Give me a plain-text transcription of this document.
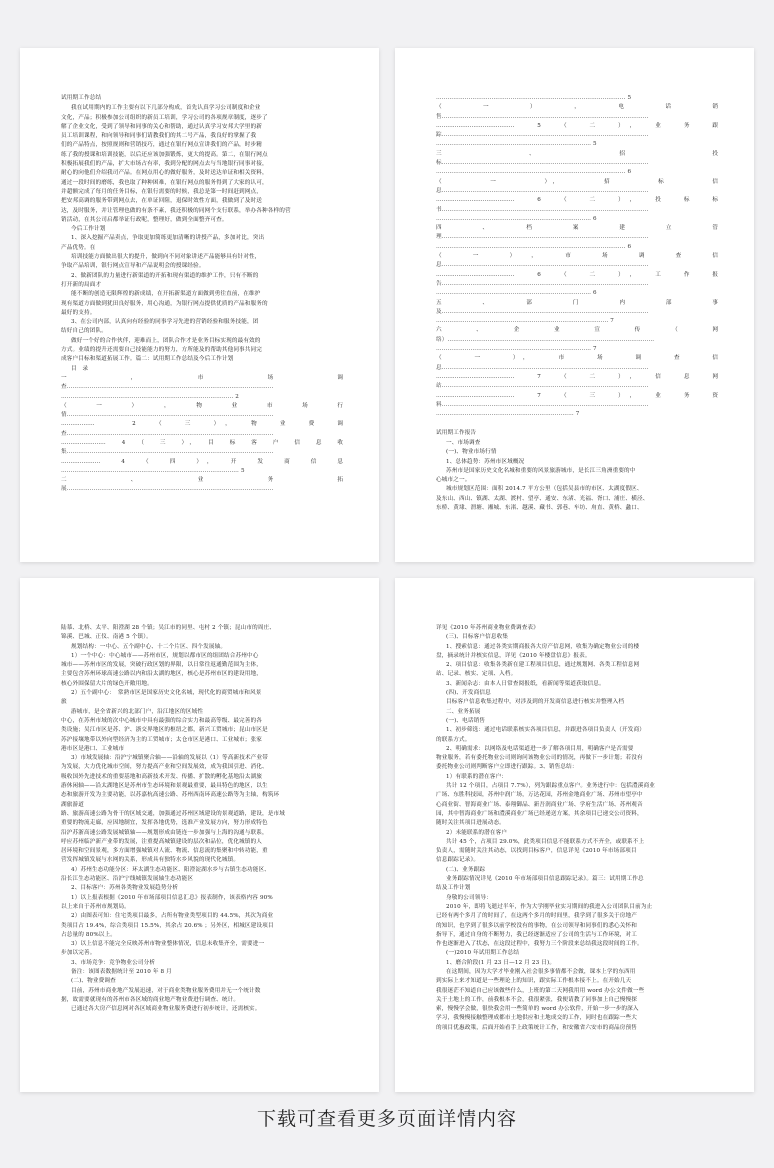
试用期工作总结
我在试用期内的工作主要有以下几部分构成，首先认真学习公司制度和企业
文化，产品；积极参加公司组织的新员工培训，学习公司的各项规章制度，逐步了
解了企业文化，受到了领导和同事的关心和帮助，通过认真学习安邦大学里的新
员工培训课程，和向领导和同事们请教我们的其二号产品，我良好的掌握了我
们的产品特点，按照规则和营销技巧，通过在银行网点宣讲我们的产品，时步精
练了我的授课和培训技能，以后还应该加强锻炼，更大的提高。第二，在银行网点
积极拓展我们的产品，扩大市场占有率，我到分配的网点去与当地银行同事对接，
耐心的向他们介绍我司产品。在网点用心的做好服务，及时送达单证和相关资料，
通过一段时间的磨练，我也取了种种困难，在银行网点的服务得到了大家的认可，
并超额完成了每月的任务目标，在银行需要的时候，我总是第一时间赶到网点，
把安邦高调的服务带到网点去，在单证回阻，退保时效性方面，我做到了及时送
达，及时服务，并让管理也做的有条不紊，我还积极的同网个支行联系，举办各种各样的营
销活动，在其公司启都举证行政呢，整理好，做到全面整齐可查。
今后工作计划
1、深入挖掘产品卖点，争取更加简练更加清晰的讲授产品，多加对比，突出
产品优势。在
培训技能方面做出很大的提升，做到向不同对象讲述产品能够具有针对性，
争取产品培训，银行网点宣导和产品说明会的授课经验。
2、做新团队的力量进行新渠道的开拓和现有渠道的维护工作，只有不断的
打开新的局面才
能不断的创造无限辉煌的新成绩，在开拓新渠道方面做到勇往直前，在维护
现有渠道方面做到犹田良好服务，用心沟通，为银行网点提供优质的产品和服务的
最好的支持。
3、在公司内部，认真向有经验的同事学习先进的营销经验和服务技能，团
结好自己的团队。
做好一个好的合作伙伴，迎难而上，团队合作才是业务目标实现的最有效的
方式。业绩的提升还需要自己技能能力的努力，方所能及的帮助其他同事共同完
成客户目标和渠道拓展工作。篇二：试用期工作总结及今后工作计划
目　录
一　　　　　　　　，　　　　　　　　市　　　　　　　　场　　　　　　　　调
查………………………………………………………………………………………………
……………………………………………………………………………… 2
（　　一　　）　　，　　物　　业　　市　　场　　行
情………………………………………………………………………………………………
………………　　2　（　三　），　物　业　费　调
查………………………………………………………………………………………………
……………………　4　（　三　），　目　标　客　户　信　息　收
集………………………………………………………………………………………………
…………………　4　（　四　），　开　发　商　信　息
………………………………………………………………………………… 5
二　　　　　　　　、　　　　　　　　业　　　　　　　　务　　　　　　　　拓
展………………………………………………………………………………………………
……………………………………………………………………………………… 5
（　　　　一　　　　）　　　　，　　　　电　　　　话　　　　销
售………………………………………………………………………………………………
……………………………………　5　（　二　），　业　务　跟
踪………………………………………………………………………………………………
……………………………………………………………………… 5
三　　　　　　　　、　　　　　　　　招　　　　　　　　投
标………………………………………………………………………………………………
……………………………………………………………………………………… 6
（　　　　一　　　　），　　　　招　　　　标　　　　信
息………………………………………………………………………………………………
……………………………………　6　（　二　），　投　标　标
书………………………………………………………………………………………………
……………………………………………………………………… 6
四　　　　、　　　　档　　　　案　　　　建　　　　立　　　　管
理………………………………………………………………………………………………
……………………………………………………………………………………… 6
（　　一　　）　，　　市　　场　　调　　查　　信
息………………………………………………………………………………………………
……………………………………　6　（　二　），　工　作　报
告………………………………………………………………………………………………
……………………………………………………………………… 6
五　　　　、　　　　部　　　　门　　　　内　　　　部　　　　事
及………………………………………………………………………………………………
……………………………………………………………………………… 7
六　　　　、　　　　企　　　　业　　　　宣　　　　传　　　　（　　　　网
络）………………………………………………………………………………………………
……………………………………………………………………… 7
（　　一　　），　　市　　场　　调　　查　　信
息………………………………………………………………………………………………
……………………………………　7　（　二　），　信　息　网
站………………………………………………………………………………………………
……………………………………　7　（　三　），　业　务　资
料………………………………………………………………………………………………
……………………………………………………………… 7

试用期工作报告
一、市场调查
(一)、物业市场行情
1、总体趋势：苏州市区域概况
苏州市是国家历史文化名城和重要的风景旅游城市，是长江三角洲重要的中
心城市之一。
城市规划区范围：面积 2014.7 平方公里（包括吴县市的市区、太湖度假区、
及东山、西山、镇湖、太湖、渡村、望亭、通安、东渚、光福、胥口、浦庄、横泾、
东桥、黄埭、渭塘、湘城、东渚、越溪、藏书、郭巷、车坊、甪直、黄桥、蠡口、
陆慕、北桥、太平、阳澄湖 28 个镇；吴江市的同里、屯村 2 个镇；昆山市的周庄、
锦溪、巴城、正仪、南港 5 个镇）。
规划结构：一中心、五个副中心、十二个片区、四个发展轴。
1）一个中心：中心城市——苏州市区，规划以都市区的组团结合苏州中心
城市——苏州市区的发展，突破行政区划的界限，以日常往返通勤范围为主体，
主要包含苏州环球高速公路以内和沿太湖的地区，核心是苏州市区的建设用地，
核心外围保留大片的绿色开敞用地。
2）五个副中心：　常熟市区是国家历史文化名城，现代化的商贸城市和风景
旅
游城市，是全省新兴的北部门户，沿江地区的区域性
中心，在苏州市域的次中心城市中具有最强的综合实力和最高等级、最完善的各
类设施；吴江市区是苏、沪、浙交界地区的枢纽之都，新兴工贸城市；昆山市区是
苏沪接壤地带以外向型经济为主的工贸城市；太仓市区是港口、工业城市；张家
港市区是港口、工业城市
3）市域发展轴：沿沪宁城镇聚合轴——沿轴的发展以（1）等高新技术产业带
为发展，大力优化城市空间，努力提高产业和空间发展效，成为我国引进、消化、
吸收国外先进技术的重要基地和高新技术开发、传播、扩散的孵化基地沿太湖旅
游休闲轴——沿太湖地区是苏州市生态环境和景观最重要，最具特色的地区，以生
态和旅游开发为主要功能，以苏嘉杭高速公路、苏州西南环高速公路等为主轴，构筑环
湖旅游道
路、旅游高速公路为骨干的区域交通，加强通过苏州区域建设的景观道路，建设，是市域
重要的物流走廊，应因地制宜，发挥各地优势，选准产业发展方向，努力形成特色
沿沪苏浙高速公路发展城镇轴——规划形成由链连一步加强与上海的沟通与联系，
呼应苏州临沪新产业带的发展，注重提高城镇建设的层次和品位，优化城镇的人
居环境和空间景观，多方面增强城镇对人流、物流、信息流的集聚和中转功能，重
营发挥城镇发展与水网的关系，形成具有独特水乡风貌的现代化城镇。
4）苏州生态功能分区：环太湖生态功能区、阳澄淀湖水乡与古镇生态功能区、
沿长江生态功能区、沿沪宁线城镇发展轴生态功能区
2、目标客户：苏州各类物业发展趋势分析
1）以上报表根据《2010 年市场部项目信息汇总》报表制作，该表格内容 90%
以上来自于苏州市规划局。
2）由图表可知：住宅类项目最多，占所有物业类型项目的 44.5%，其次为商业
类项目占 19.4%，综合类项目 15.5%，其余占 20.6% ；另外区，相城区建设项目
占总量的 80%以上。
3）以上信息不能完全反映苏州市物业整体情况，信息未收集齐全，需要进一
步加以完善。
3、市场竞争：竞争物业公司分析
备注：该图表数据统计至 2010 年 8 月
(二)、物业费调查
目前，苏州市商业地产发展迅速，对于商业类物业服务费用并无一个统计数
据，故需要就现有的苏州市各区域的商业地产物业费进行调查、统计。
已通过各大房产信息网对各区域商业物业服务费进行初步统计，还需核实。
详见《2010 年苏州商业物业费调查表》
(三)、目标客户信息收集
1、搜索信息：通过各类实期商报各大房产信息网，收集为确定物业公司的楼
盘，摘录统计并核实信息，详见《2010 年楼盘信息》报表。
2、项目信息：收集各类新在建工程项目信息，通过规划网、各类工程信息网
站、记录、核实、定项、入档。
3、新闻杂志：由本人日常查阅报纸，看新闻等渠道获取信息。
(四)、开发商信息
目标客户信息收集过程中，对涉及到的开发商信息进行核实并整理入档
二、业务拓展
(一)、电话销售
1、初步筛选：通过电话联系核实各项目信息，并跟进各项目负责人（开发商）
的联系方式。
2、明确需求：以网络及电话渠道进一步了解各项目用，明确客户是否需要
物业服务，若有委托物业公司则询问该物业公司的情况，再做下一步计划；若没有
委托物业公司则判断客户立即进行跟踪。3、销售总结：
1）有联系的潜在客户：
共计 12 个项目，占项目 7.7%），列为跟踪重点客户。业务进行中：包括澧溪商业
广场、东胜科技园，苏州中润广场，万达花园，苏州金地商业广场、苏州市望亭中
心商业街、智海商业广场、泰翔御品、新吾润商业广场、学府生活广场、苏州观音
园，其中智海商业广场和澧溪商业广场已经递送方案，其余项目已递交公司资料，
随时关注其项目进展动态。
2）未能联系的潜在客户
共计 45 个，占项目 29.0%，此类项目信息不能联系方式不齐全，或联系不上
负责人，需随时关注其动态，以找到目标客户，信息详见《2010 年市场部项目
信息跟踪记录》。
(二)、业务跟踪
业务跟踪情况详见《2010 年市场部项目信息跟踪记录》。篇三：试用期工作总
结及工作计划
身敬的公司领导：
2010 年，即将飞逝过半年，作为大学刚毕业实习期间的我进入公司团队目前为止
已经有两个多月了的时间了，在这两个多月的时间里，我学到了很多关于房地产
的知识，也学到了很多以前学校没有的事物，在公司领导和同事们的悉心关怀和
指导下，通过自身的不断努力，我已经逐渐适应了公司的生活与工作环境，对工
作也逐渐进入了状态，在这段过程中，我努力三个阶段来总结我这段时间的工作。
(一)2010 年试用期工作总结
1、磨合阶段(1 月 23 日—12 月 23 日)。
在这期间，因为大学才毕业刚入社会很多事情都不会做，课本上学的东西用
到实际上来才知道是一些理论上的知识，跟实际工作根本接不上。在开始几天
我很迷茫不知道自己应该做些什么，上班的第二天网我用用 word 办公文件做一些
关于土地上的工作，前我根本不会，我很紧张，我便请教了同事加上自己慢慢探
索，慢慢学会做，很快我会用一些简单的 word 办公软件，开始一步一步的深入
学习，我慢慢接触整理成都市土地供应和土地成交的工作，同时也在跟踪一些大
的项目优惠政策，后面开始看手上政策统计工作，和安徽省六安市的商品房预售
下载可查看更多页面详情内容
